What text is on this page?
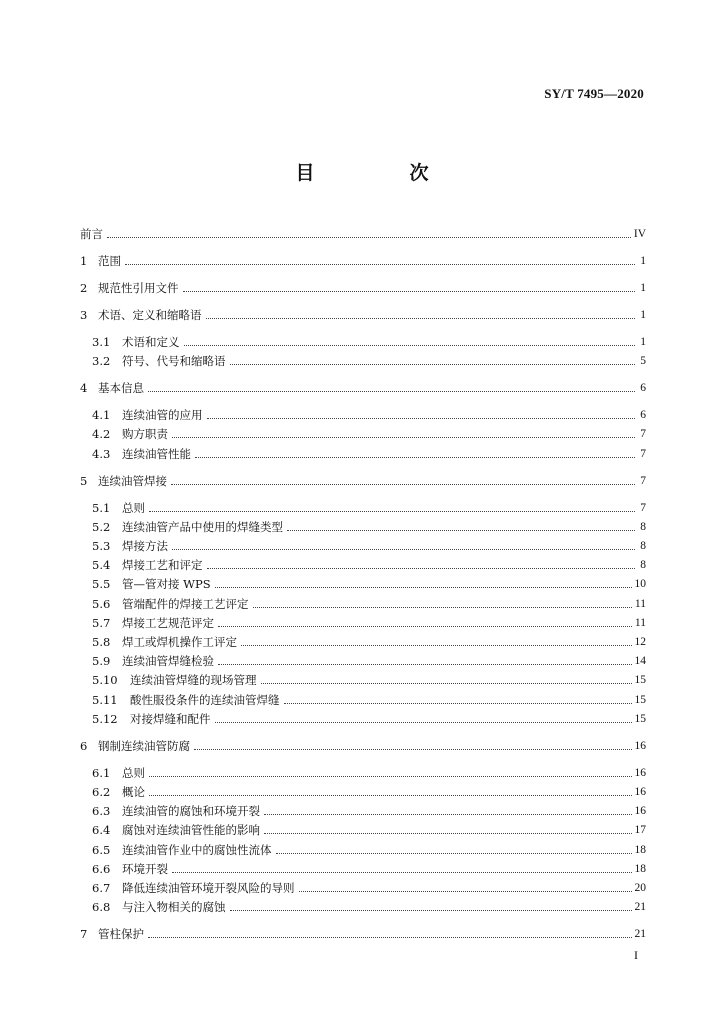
SY/T 7495—2020
目　次
前言	IV
1 范围	1
2 规范性引用文件	1
3 术语、定义和缩略语	1
3.1	术语和定义	1
3.2	符号、代号和缩略语	5
4 基本信息	6
4.1	连续油管的应用	6
4.2	购方职责	7
4.3	连续油管性能	7
5 连续油管焊接	7
5.1	总则	7
5.2	连续油管产品中使用的焊缝类型	8
5.3	焊接方法	8
5.4	焊接工艺和评定	8
5.5	管—管对接 WPS	10
5.6	管端配件的焊接工艺评定	11
5.7	焊接工艺规范评定	11
5.8	焊工或焊机操作工评定	12
5.9	连续油管焊缝检验	14
5.10	连续油管焊缝的现场管理	15
5.11	酸性服役条件的连续油管焊缝	15
5.12	对接焊缝和配件	15
6 钢制连续油管防腐	16
6.1	总则	16
6.2	概论	16
6.3	连续油管的腐蚀和环境开裂	16
6.4	腐蚀对连续油管性能的影响	17
6.5	连续油管作业中的腐蚀性流体	18
6.6	环境开裂	18
6.7	降低连续油管环境开裂风险的导则	20
6.8	与注入物相关的腐蚀	21
7 管柱保护	21
I
